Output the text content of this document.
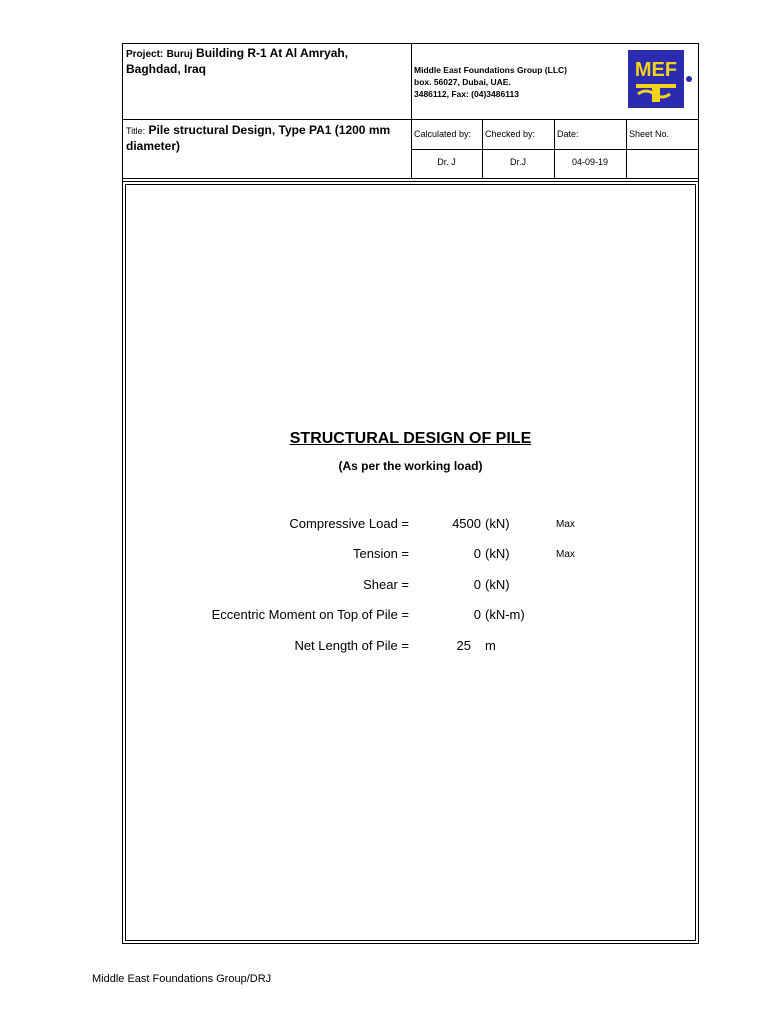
Project: Buruj Building R-1 At Al Amryah,
Baghdad, Iraq	Middle East Foundations Group (LLC)
box. 56027, Dubai, UAE.
3486112, Fax: (04)3486113
MEF
Title: Pile structural Design, Type PA1 (1200 mm
diameter)
Calculated by: Checked by: Date:	Sheet No.
Dr. J	Dr.J	04-09-19
STRUCTURAL DESIGN OF PILE
(As per the working load)
Compressive Load =	4500 (kN)	Max
Tension =	0 (kN)	Max
Shear =	0 (kN)
Eccentric Moment on Top of Pile =	0 (kN-m)
Net Length of Pile =	25 m
Middle East Foundations Group/DRJ
